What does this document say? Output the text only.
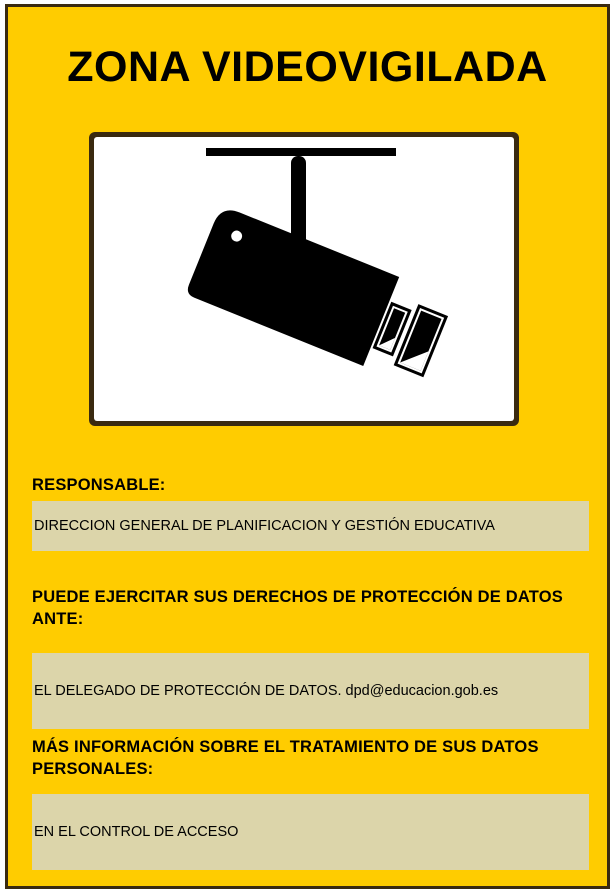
ZONA VIDEOVIGILADA
RESPONSABLE:
DIRECCION GENERAL DE PLANIFICACION Y GESTIÓN EDUCATIVA
PUEDE EJERCITAR SUS DERECHOS DE PROTECCIÓN DE DATOS ANTE:
EL DELEGADO DE PROTECCIÓN DE DATOS. dpd@educacion.gob.es
MÁS INFORMACIÓN SOBRE EL TRATAMIENTO DE SUS DATOS PERSONALES:
EN EL CONTROL DE ACCESO
